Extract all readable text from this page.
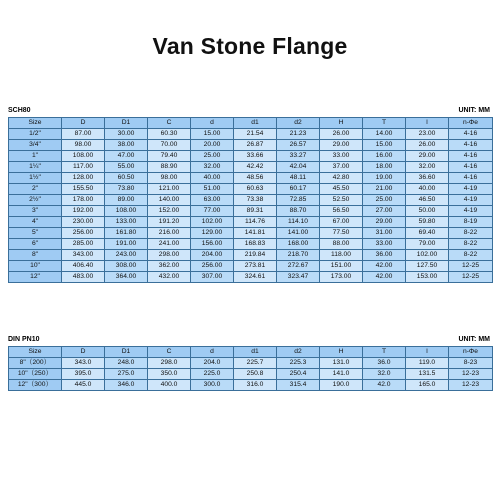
Van Stone Flange
SCH80	UNIT: MM
Size	D	D1	C	d	d1	d2	H	T	l	n-Φe
1/2"	87.00	30.00	60.30	15.00	21.54	21.23	26.00	14.00	23.00	4-16
3/4"	98.00	38.00	70.00	20.00	26.87	26.57	29.00	15.00	26.00	4-16
1"	108.00	47.00	79.40	25.00	33.66	33.27	33.00	16.00	29.00	4-16
1¼"	117.00	55.00	88.90	32.00	42.42	42.04	37.00	18.00	32.00	4-16
1½"	128.00	60.50	98.00	40.00	48.56	48.11	42.80	19.00	36.60	4-16
2"	155.50	73.80	121.00	51.00	60.63	60.17	45.50	21.00	40.00	4-19
2½"	178.00	89.00	140.00	63.00	73.38	72.85	52.50	25.00	46.50	4-19
3"	192.00	108.00	152.00	77.00	89.31	88.70	56.50	27.00	50.00	4-19
4"	230.00	133.00	191.20	102.00	114.76	114.10	67.00	29.00	59.80	8-19
5"	256.00	161.80	216.00	129.00	141.81	141.00	77.50	31.00	69.40	8-22
6"	285.00	191.00	241.00	156.00	168.83	168.00	88.00	33.00	79.00	8-22
8"	343.00	243.00	298.00	204.00	219.84	218.70	118.00	36.00	102.00	8-22
10"	406.40	308.00	362.00	256.00	273.81	272.67	151.00	42.00	127.50	12-25
12"	483.00	364.00	432.00	307.00	324.61	323.47	173.00	42.00	153.00	12-25
DIN PN10	UNIT: MM
Size	D	D1	C	d	d1	d2	H	T	l	n-Φe
8"（200）	343.0	248.0	298.0	204.0	225.7	225.3	131.0	36.0	119.0	8-23
10"（250）	395.0	275.0	350.0	225.0	250.8	250.4	141.0	32.0	131.5	12-23
12"（300）	445.0	346.0	400.0	300.0	316.0	315.4	190.0	42.0	165.0	12-23
